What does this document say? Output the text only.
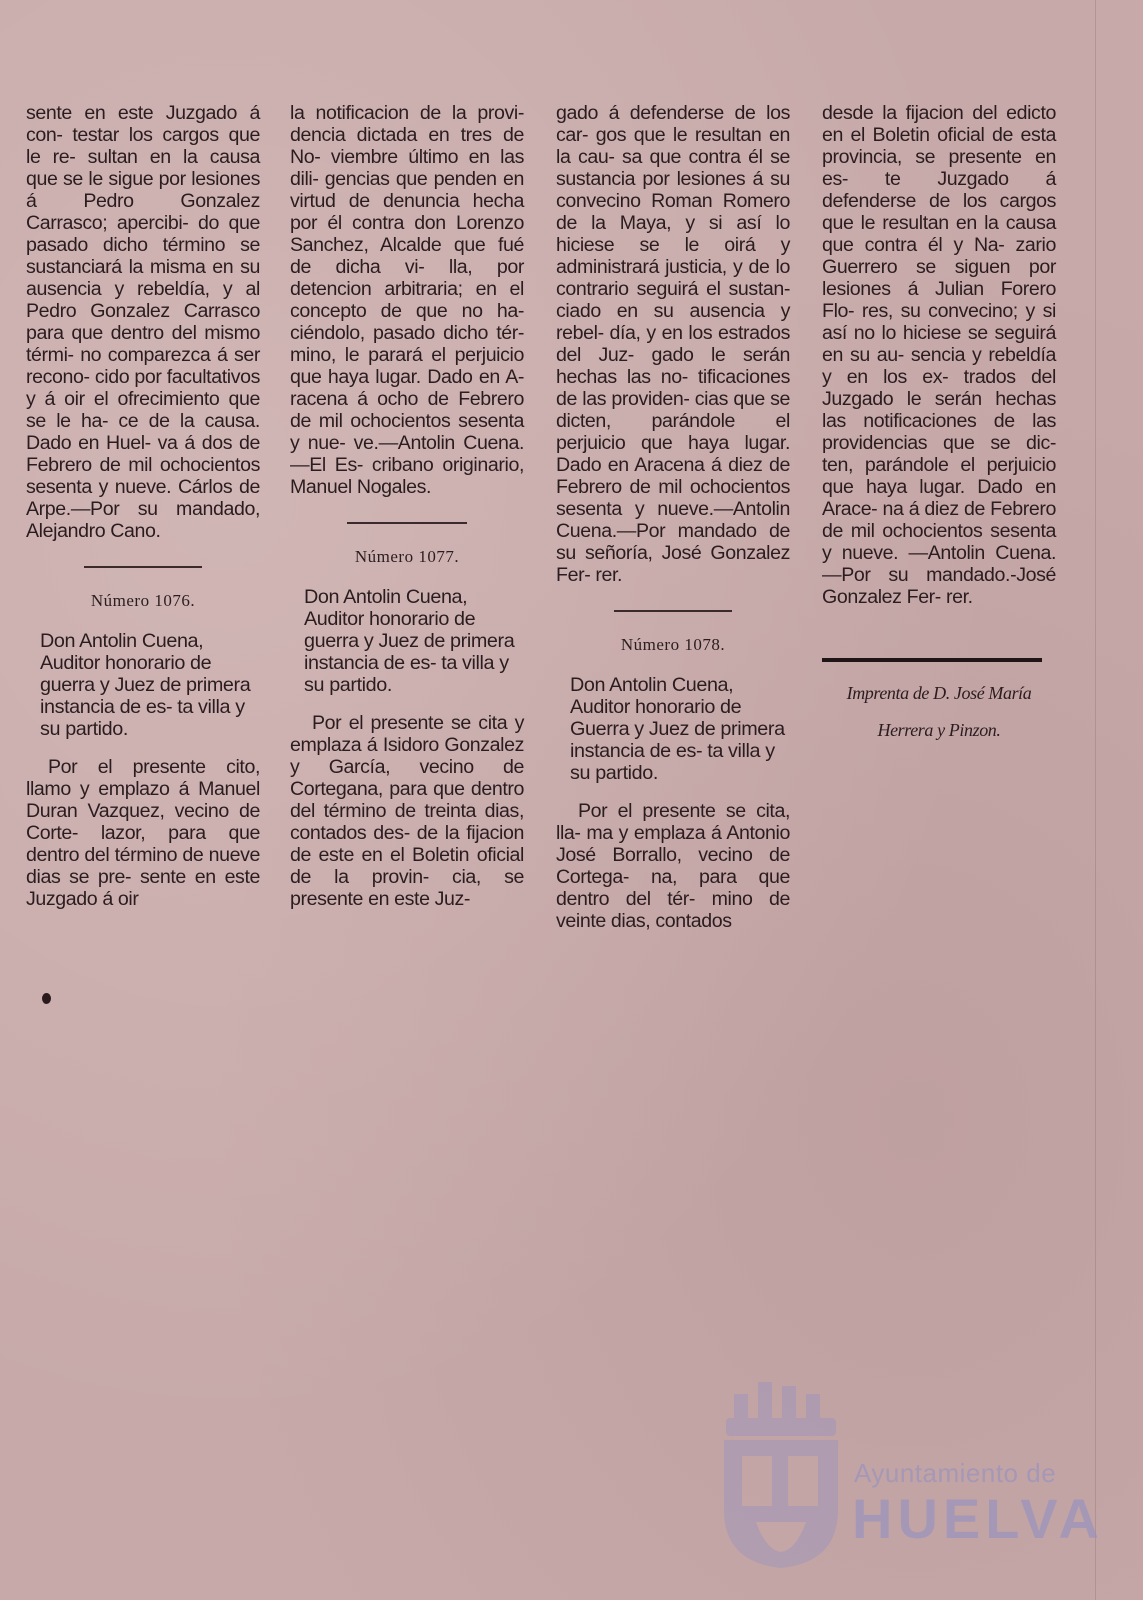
sente en este Juzgado á con- testar los cargos que le re- sultan en la causa que se le sigue por lesiones á Pedro Gonzalez Carrasco; apercibi- do que pasado dicho término se sustanciará la misma en su ausencia y rebeldía, y al Pedro Gonzalez Carrasco para que dentro del mismo térmi- no comparezca á ser recono- cido por facultativos y á oir el ofrecimiento que se le ha- ce de la causa. Dado en Huel- va á dos de Febrero de mil ochocientos sesenta y nueve. Cárlos de Arpe.—Por su mandado, Alejandro Cano.

Número 1076.

Don Antolin Cuena, Auditor honorario de guerra y Juez de primera instancia de es- ta villa y su partido.

Por el presente cito, llamo y emplazo á Manuel Duran Vazquez, vecino de Corte- lazor, para que dentro del término de nueve dias se pre- sente en este Juzgado á oir

la notificacion de la provi- dencia dictada en tres de No- viembre último en las dili- gencias que penden en virtud de denuncia hecha por él contra don Lorenzo Sanchez, Alcalde que fué de dicha vi- lla, por detencion arbitraria; en el concepto de que no ha- ciéndolo, pasado dicho tér- mino, le parará el perjuicio que haya lugar. Dado en A- racena á ocho de Febrero de mil ochocientos sesenta y nue- ve.—Antolin Cuena.—El Es- cribano originario, Manuel Nogales.

Número 1077.

Don Antolin Cuena, Auditor honorario de guerra y Juez de primera instancia de es- ta villa y su partido.

Por el presente se cita y emplaza á Isidoro Gonzalez y García, vecino de Cortegana, para que dentro del término de treinta dias, contados des- de la fijacion de este en el Boletin oficial de la provin- cia, se presente en este Juz-

gado á defenderse de los car- gos que le resultan en la cau- sa que contra él se sustancia por lesiones á su convecino Roman Romero de la Maya, y si así lo hiciese se le oirá y administrará justicia, y de lo contrario seguirá el sustan- ciado en su ausencia y rebel- día, y en los estrados del Juz- gado le serán hechas las no- tificaciones de las providen- cias que se dicten, parándole el perjuicio que haya lugar. Dado en Aracena á diez de Febrero de mil ochocientos sesenta y nueve.—Antolin Cuena.—Por mandado de su señoría, José Gonzalez Fer- rer.

Número 1078.

Don Antolin Cuena, Auditor honorario de Guerra y Juez de primera instancia de es- ta villa y su partido.

Por el presente se cita, lla- ma y emplaza á Antonio José Borrallo, vecino de Cortega- na, para que dentro del tér- mino de veinte dias, contados

desde la fijacion del edicto en el Boletin oficial de esta provincia, se presente en es- te Juzgado á defenderse de los cargos que le resultan en la causa que contra él y Na- zario Guerrero se siguen por lesiones á Julian Forero Flo- res, su convecino; y si así no lo hiciese se seguirá en su au- sencia y rebeldía y en los ex- trados del Juzgado le serán hechas las notificaciones de las providencias que se dic- ten, parándole el perjuicio que haya lugar. Dado en Arace- na á diez de Febrero de mil ochocientos sesenta y nueve. —Antolin Cuena.—Por su mandado.-José Gonzalez Fer- rer.

Imprenta de D. José María
Herrera y Pinzon.
Ayuntamiento de
HUELVA
